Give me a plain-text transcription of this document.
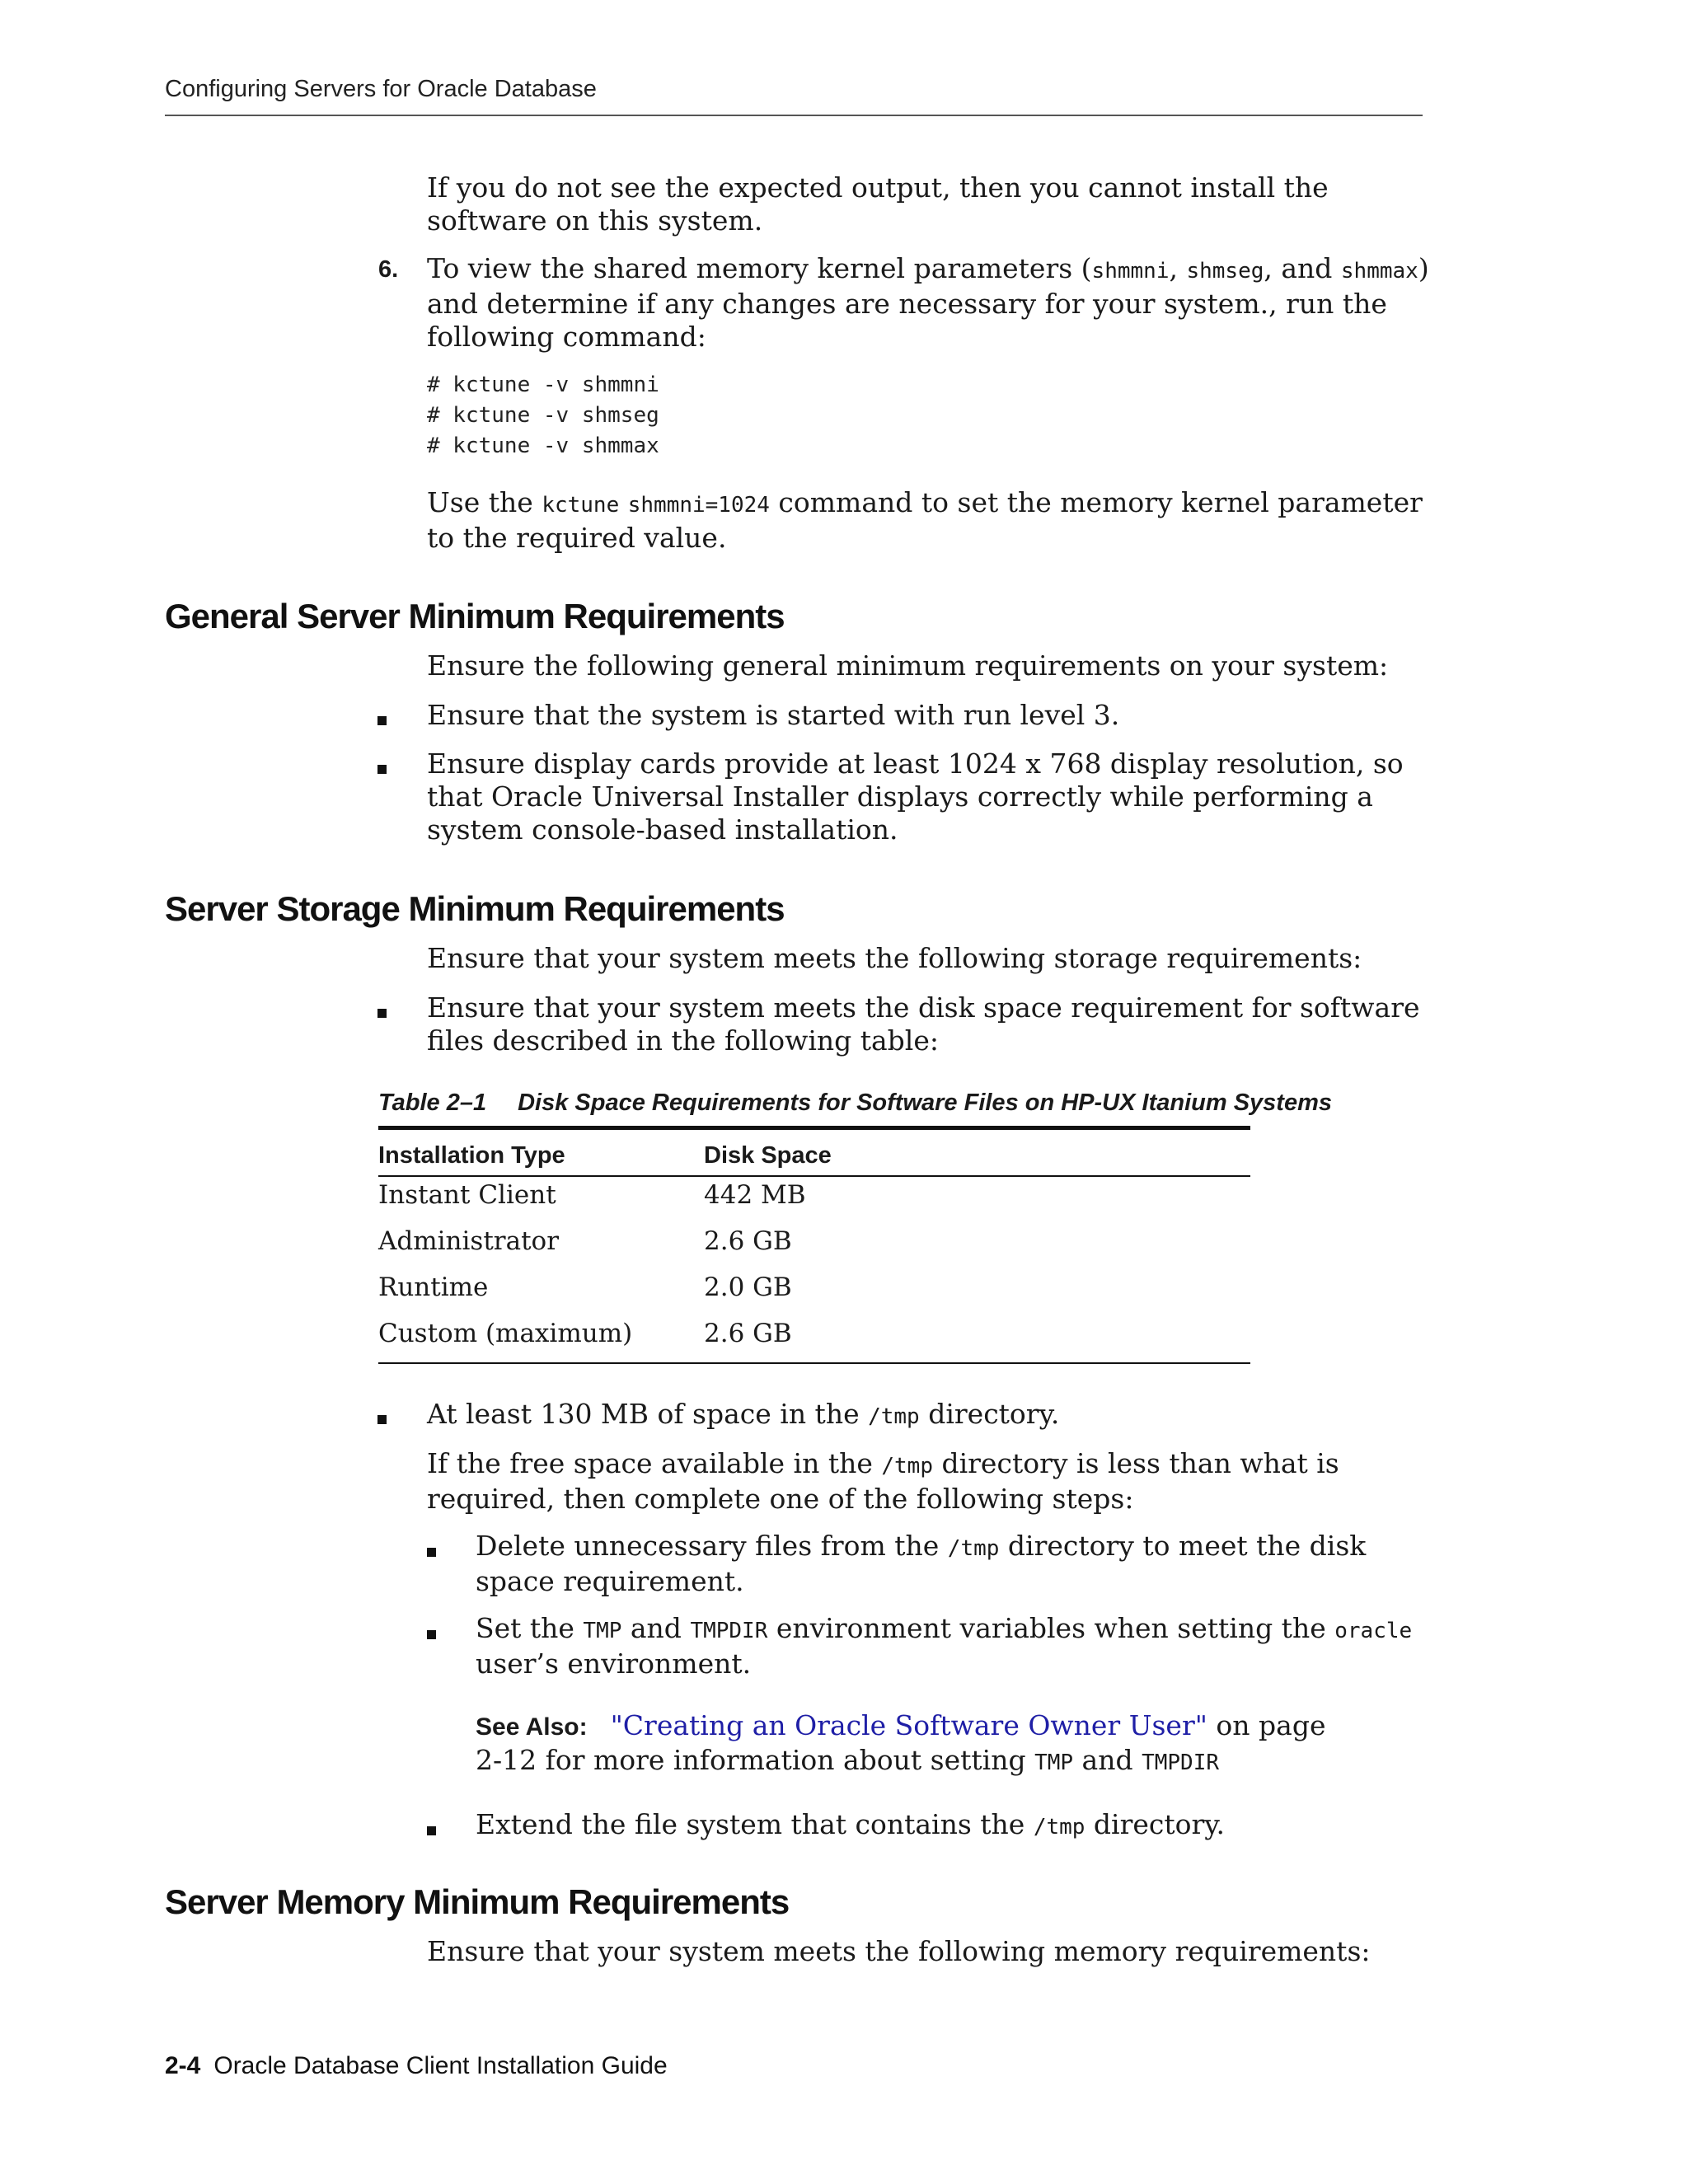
Configuring Servers for Oracle Database

If you do not see the expected output, then you cannot install the software on this system.

6. To view the shared memory kernel parameters (shmmni, shmseg, and shmmax) and determine if any changes are necessary for your system., run the following command:

# kctune -v shmmni
# kctune -v shmseg
# kctune -v shmmax

Use the kctune shmmni=1024 command to set the memory kernel parameter to the required value.

General Server Minimum Requirements

Ensure the following general minimum requirements on your system:

Ensure that the system is started with run level 3.

Ensure display cards provide at least 1024 x 768 display resolution, so that Oracle Universal Installer displays correctly while performing a system console-based installation.

Server Storage Minimum Requirements

Ensure that your system meets the following storage requirements:

Ensure that your system meets the disk space requirement for software files described in the following table:

Table 2–1 Disk Space Requirements for Software Files on HP-UX Itanium Systems
Installation Type	Disk Space
Instant Client	442 MB
Administrator	2.6 GB
Runtime	2.0 GB
Custom (maximum)	2.6 GB

At least 130 MB of space in the /tmp directory.

If the free space available in the /tmp directory is less than what is required, then complete one of the following steps:

Delete unnecessary files from the /tmp directory to meet the disk space requirement.

Set the TMP and TMPDIR environment variables when setting the oracle user’s environment.

See Also: "Creating an Oracle Software Owner User" on page 2-12 for more information about setting TMP and TMPDIR

Extend the file system that contains the /tmp directory.

Server Memory Minimum Requirements

Ensure that your system meets the following memory requirements:

2-4 Oracle Database Client Installation Guide
